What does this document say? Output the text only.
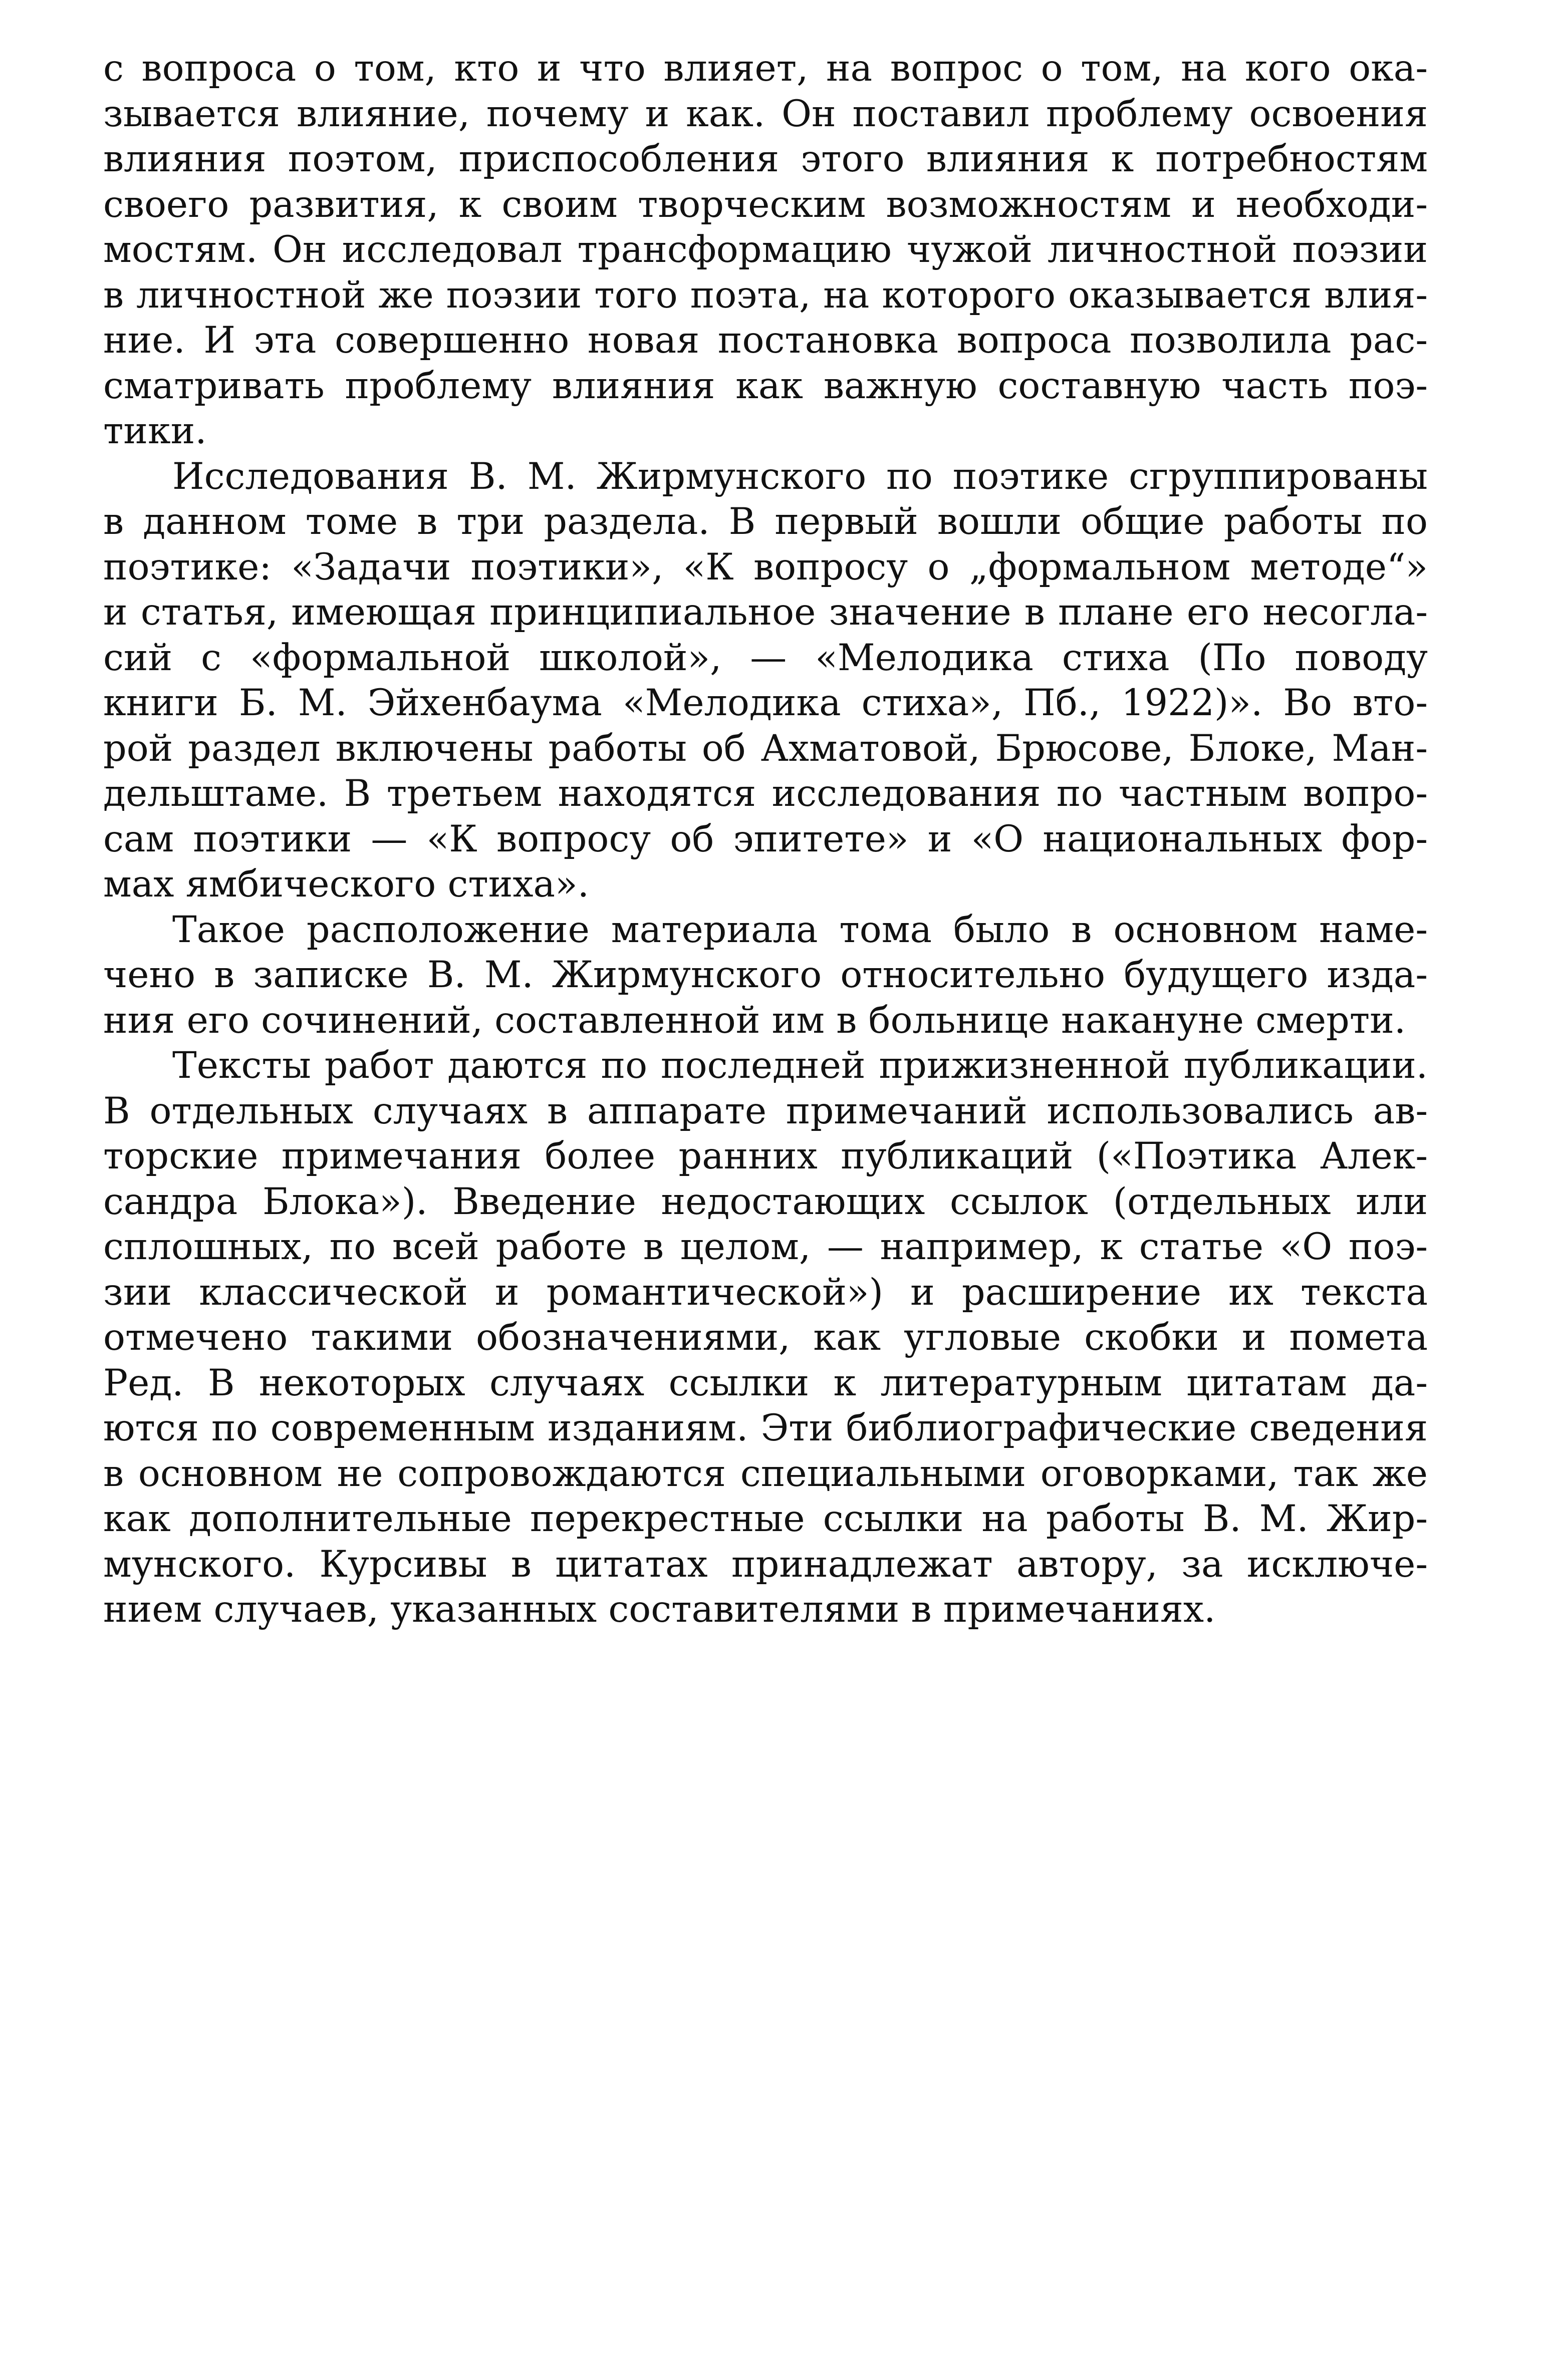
с вопроса о том, кто и что влияет, на вопрос о том, на кого ока-
зывается влияние, почему и как. Он поставил проблему освоения
влияния поэтом, приспособления этого влияния к потребностям
своего развития, к своим творческим возможностям и необходи-
мостям. Он исследовал трансформацию чужой личностной поэзии
в личностной же поэзии того поэта, на которого оказывается влия-
ние. И эта совершенно новая постановка вопроса позволила рас-
сматривать проблему влияния как важную составную часть поэ-
тики.
Исследования В. М. Жирмунского по поэтике сгруппированы
в данном томе в три раздела. В первый вошли общие работы по
поэтике: «Задачи поэтики», «К вопросу о „формальном методе“»
и статья, имеющая принципиальное значение в плане его несогла-
сий с «формальной школой», — «Мелодика стиха (По поводу
книги Б. М. Эйхенбаума «Мелодика стиха», Пб., 1922)». Во вто-
рой раздел включены работы об Ахматовой, Брюсове, Блоке, Ман-
дельштаме. В третьем находятся исследования по частным вопро-
сам поэтики — «К вопросу об эпитете» и «О национальных фор-
мах ямбического стиха».
Такое расположение материала тома было в основном наме-
чено в записке В. М. Жирмунского относительно будущего изда-
ния его сочинений, составленной им в больнице накануне смерти.
Тексты работ даются по последней прижизненной публикации.
В отдельных случаях в аппарате примечаний использовались ав-
торские примечания более ранних публикаций («Поэтика Алек-
сандра Блока»). Введение недостающих ссылок (отдельных или
сплошных, по всей работе в целом, — например, к статье «О поэ-
зии классической и романтической») и расширение их текста
отмечено такими обозначениями, как угловые скобки и помета
Ред. В некоторых случаях ссылки к литературным цитатам да-
ются по современным изданиям. Эти библиографические сведения
в основном не сопровождаются специальными оговорками, так же
как дополнительные перекрестные ссылки на работы В. М. Жир-
мунского. Курсивы в цитатах принадлежат автору, за исключе-
нием случаев, указанных составителями в примечаниях.
